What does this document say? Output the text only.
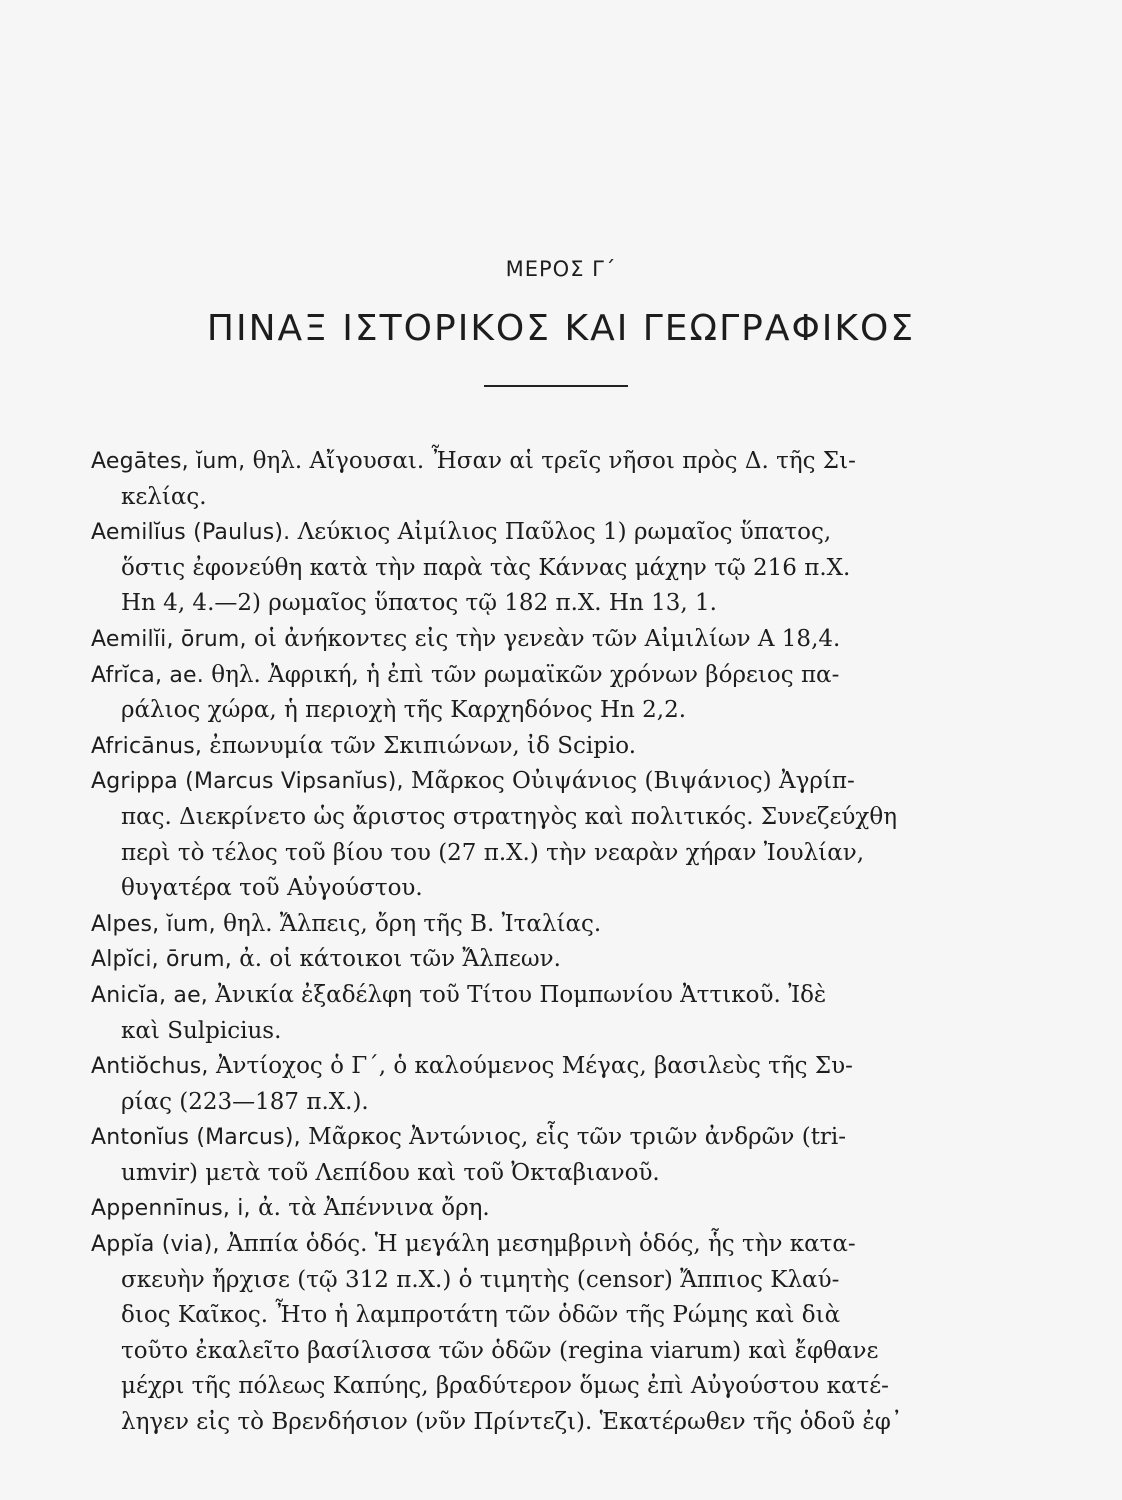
ΜΕΡΟΣ Γ΄
ΠΙΝΑΞ ΙΣΤΟΡΙΚΟΣ ΚΑΙ ΓΕΩΓΡΑΦΙΚΟΣ
Aegātes, ĭum, θηλ. Αἴγουσαι. Ἦσαν αἱ τρεῖς νῆσοι πρὸς Δ. τῆς Σι-
κελίας.
Aemilĭus (Paulus). Λεύκιος Αἰμίλιος Παῦλος 1) ρωμαῖος ὕπατος,
ὅστις ἐφονεύθη κατὰ τὴν παρὰ τὰς Κάννας μάχην τῷ 216 π.Χ.
Hn 4, 4.—2) ρωμαῖος ὕπατος τῷ 182 π.Χ. Hn 13, 1.
Aemilĭi, ōrum, οἱ ἀνήκοντες εἰς τὴν γενεὰν τῶν Αἰμιλίων A 18,4.
Afrĭca, ae. θηλ. Ἀφρική, ἡ ἐπὶ τῶν ρωμαϊκῶν χρόνων βόρειος πα-
ράλιος χώρα, ἡ περιοχὴ τῆς Καρχηδόνος Hn 2,2.
Africānus, ἐπωνυμία τῶν Σκιπιώνων, ἰδ Scipio.
Agrippa (Marcus Vipsanĭus), Μᾶρκος Οὐιψάνιος (Βιψάνιος) Ἀγρίπ-
πας. Διεκρίνετο ὡς ἄριστος στρατηγὸς καὶ πολιτικός. Συνεζεύχθη
περὶ τὸ τέλος τοῦ βίου του (27 π.Χ.) τὴν νεαρὰν χήραν Ἰουλίαν,
θυγατέρα τοῦ Αὐγούστου.
Alpes, ĭum, θηλ. Ἄλπεις, ὄρη τῆς Β. Ἰταλίας.
Alpĭci, ōrum, ἀ. οἱ κάτοικοι τῶν Ἄλπεων.
Anicĭa, ae, Ἀνικία ἐξαδέλφη τοῦ Τίτου Πομπωνίου Ἀττικοῦ. Ἰδὲ
καὶ Sulpicius.
Antiŏchus, Ἀντίοχος ὁ Γ΄, ὁ καλούμενος Μέγας, βασιλεὺς τῆς Συ-
ρίας (223—187 π.Χ.).
Antonĭus (Marcus), Μᾶρκος Ἀντώνιος, εἷς τῶν τριῶν ἀνδρῶν (tri-
umvir) μετὰ τοῦ Λεπίδου καὶ τοῦ Ὀκταβιανοῦ.
Appennīnus, i, ἀ. τὰ Ἀπέννινα ὄρη.
Appĭa (via), Ἀππία ὁδός. Ἡ μεγάλη μεσημβρινὴ ὁδός, ἧς τὴν κατα-
σκευὴν ἤρχισε (τῷ 312 π.Χ.) ὁ τιμητὴς (censor) Ἄππιος Κλαύ-
διος Καῖκος. Ἦτο ἡ λαμπροτάτη τῶν ὁδῶν τῆς Ρώμης καὶ διὰ
τοῦτο ἐκαλεῖτο βασίλισσα τῶν ὁδῶν (regina viarum) καὶ ἔφθανε
μέχρι τῆς πόλεως Καπύης, βραδύτερον ὅμως ἐπὶ Αὐγούστου κατέ-
ληγεν εἰς τὸ Βρενδήσιον (νῦν Πρίντεζι). Ἑκατέρωθεν τῆς ὁδοῦ ἐφ᾽
